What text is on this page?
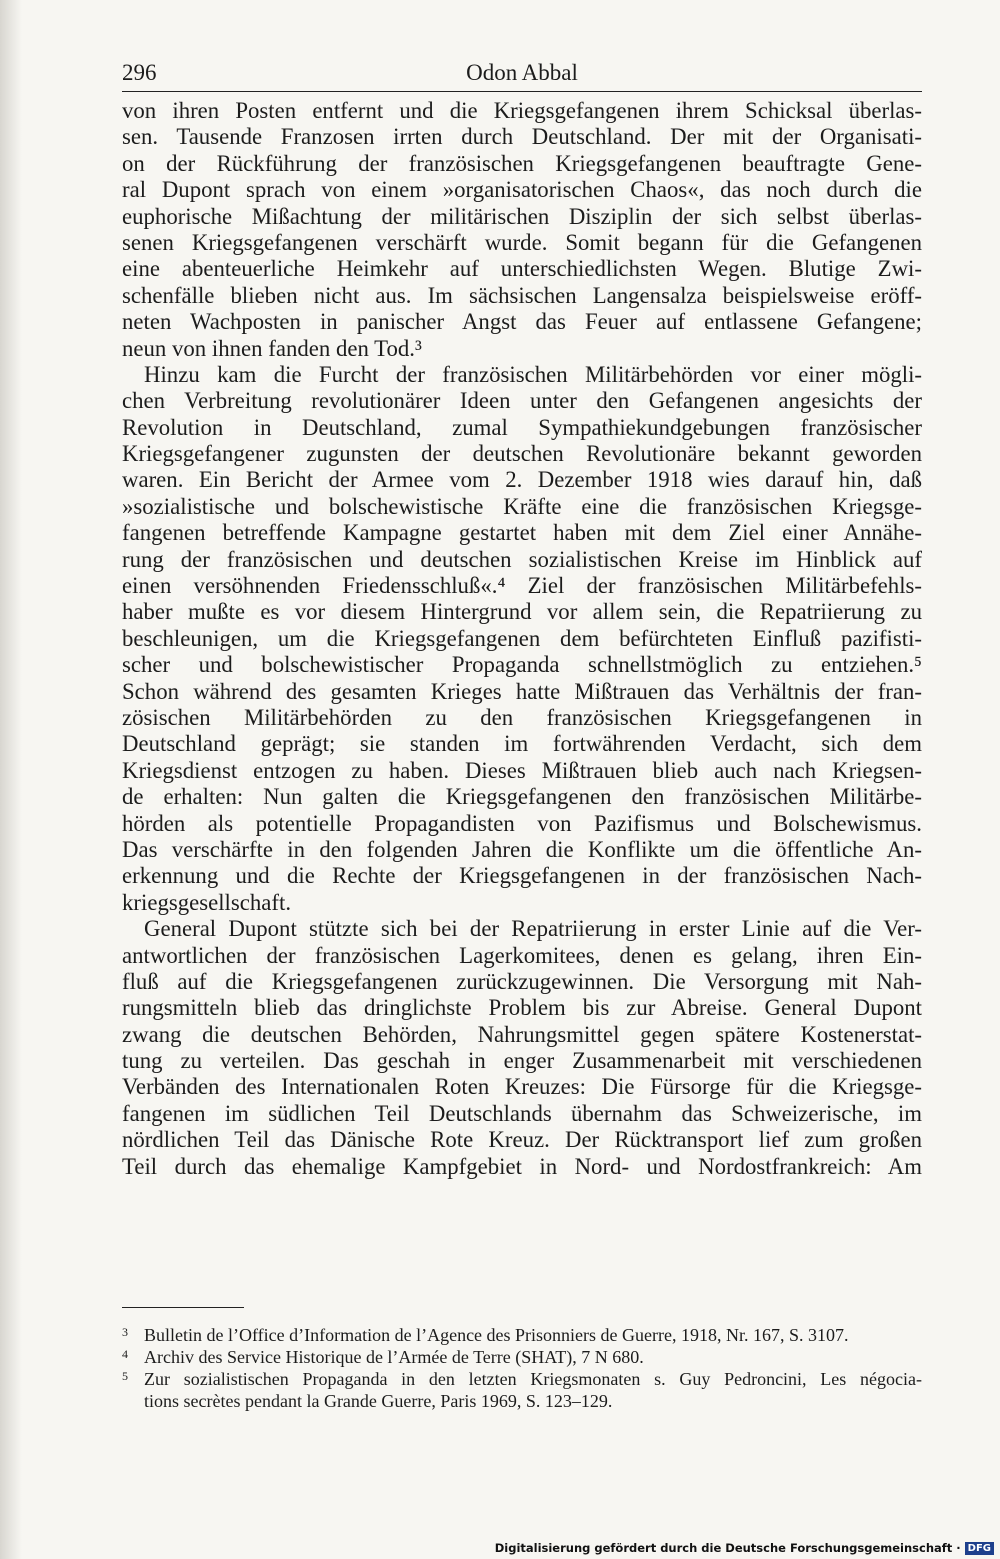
296	Odon Abbal
von ihren Posten entfernt und die Kriegsgefangenen ihrem Schicksal überlas-
sen. Tausende Franzosen irrten durch Deutschland. Der mit der Organisati-
on der Rückführung der französischen Kriegsgefangenen beauftragte Gene-
ral Dupont sprach von einem »organisatorischen Chaos«, das noch durch die
euphorische Mißachtung der militärischen Disziplin der sich selbst überlas-
senen Kriegsgefangenen verschärft wurde. Somit begann für die Gefangenen
eine abenteuerliche Heimkehr auf unterschiedlichsten Wegen. Blutige Zwi-
schenfälle blieben nicht aus. Im sächsischen Langensalza beispielsweise eröff-
neten Wachposten in panischer Angst das Feuer auf entlassene Gefangene;
neun von ihnen fanden den Tod.³
Hinzu kam die Furcht der französischen Militärbehörden vor einer mögli-
chen Verbreitung revolutionärer Ideen unter den Gefangenen angesichts der
Revolution in Deutschland, zumal Sympathiekundgebungen französischer
Kriegsgefangener zugunsten der deutschen Revolutionäre bekannt geworden
waren. Ein Bericht der Armee vom 2. Dezember 1918 wies darauf hin, daß
»sozialistische und bolschewistische Kräfte eine die französischen Kriegsge-
fangenen betreffende Kampagne gestartet haben mit dem Ziel einer Annähe-
rung der französischen und deutschen sozialistischen Kreise im Hinblick auf
einen versöhnenden Friedensschluß«.⁴ Ziel der französischen Militärbefehls-
haber mußte es vor diesem Hintergrund vor allem sein, die Repatriierung zu
beschleunigen, um die Kriegsgefangenen dem befürchteten Einfluß pazifisti-
scher und bolschewistischer Propaganda schnellstmöglich zu entziehen.⁵
Schon während des gesamten Krieges hatte Mißtrauen das Verhältnis der fran-
zösischen Militärbehörden zu den französischen Kriegsgefangenen in
Deutschland geprägt; sie standen im fortwährenden Verdacht, sich dem
Kriegsdienst entzogen zu haben. Dieses Mißtrauen blieb auch nach Kriegsen-
de erhalten: Nun galten die Kriegsgefangenen den französischen Militärbe-
hörden als potentielle Propagandisten von Pazifismus und Bolschewismus.
Das verschärfte in den folgenden Jahren die Konflikte um die öffentliche An-
erkennung und die Rechte der Kriegsgefangenen in der französischen Nach-
kriegsgesellschaft.
General Dupont stützte sich bei der Repatriierung in erster Linie auf die Ver-
antwortlichen der französischen Lagerkomitees, denen es gelang, ihren Ein-
fluß auf die Kriegsgefangenen zurückzugewinnen. Die Versorgung mit Nah-
rungsmitteln blieb das dringlichste Problem bis zur Abreise. General Dupont
zwang die deutschen Behörden, Nahrungsmittel gegen spätere Kostenerstat-
tung zu verteilen. Das geschah in enger Zusammenarbeit mit verschiedenen
Verbänden des Internationalen Roten Kreuzes: Die Fürsorge für die Kriegsge-
fangenen im südlichen Teil Deutschlands übernahm das Schweizerische, im
nördlichen Teil das Dänische Rote Kreuz. Der Rücktransport lief zum großen
Teil durch das ehemalige Kampfgebiet in Nord- und Nordostfrankreich: Am
3 Bulletin de l’Office d’Information de l’Agence des Prisonniers de Guerre, 1918, Nr. 167, S. 3107.
4 Archiv des Service Historique de l’Armée de Terre (SHAT), 7 N 680.
5 Zur sozialistischen Propaganda in den letzten Kriegsmonaten s. Guy Pedroncini, Les négocia-
tions secrètes pendant la Grande Guerre, Paris 1969, S. 123–129.
Digitalisierung gefördert durch die Deutsche Forschungsgemeinschaft · DFG
